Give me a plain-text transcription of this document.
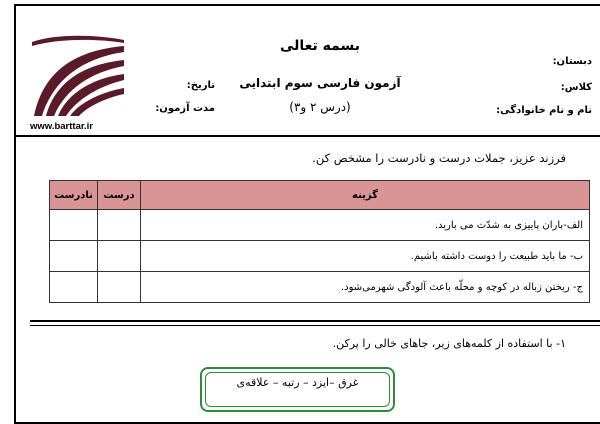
بسمه تعالی
آزمون فارسی سوم ابتدایی
(درس ۲ و۳)
دبستان:
کلاس:
نام و نام خانوادگی:
تاریخ:
مدت آزمون:
www.barttar.ir
فرزند عزیز، جملات درست و نادرست را مشخص کن.
نادرست	درست	گزینه
		الف-باران پاییزی به شدّت می بارید.
		ب- ما باید طبیعت را دوست داشته باشیم.
		ج- ریختن زباله در کوچه و محلّه باعث آلودگی شهرمی‌شود.
۱- با استفاده از کلمه‌های زیر، جاهای خالی را پرکن.
غرق –ایزد – رتبه – علاقه‌ی
